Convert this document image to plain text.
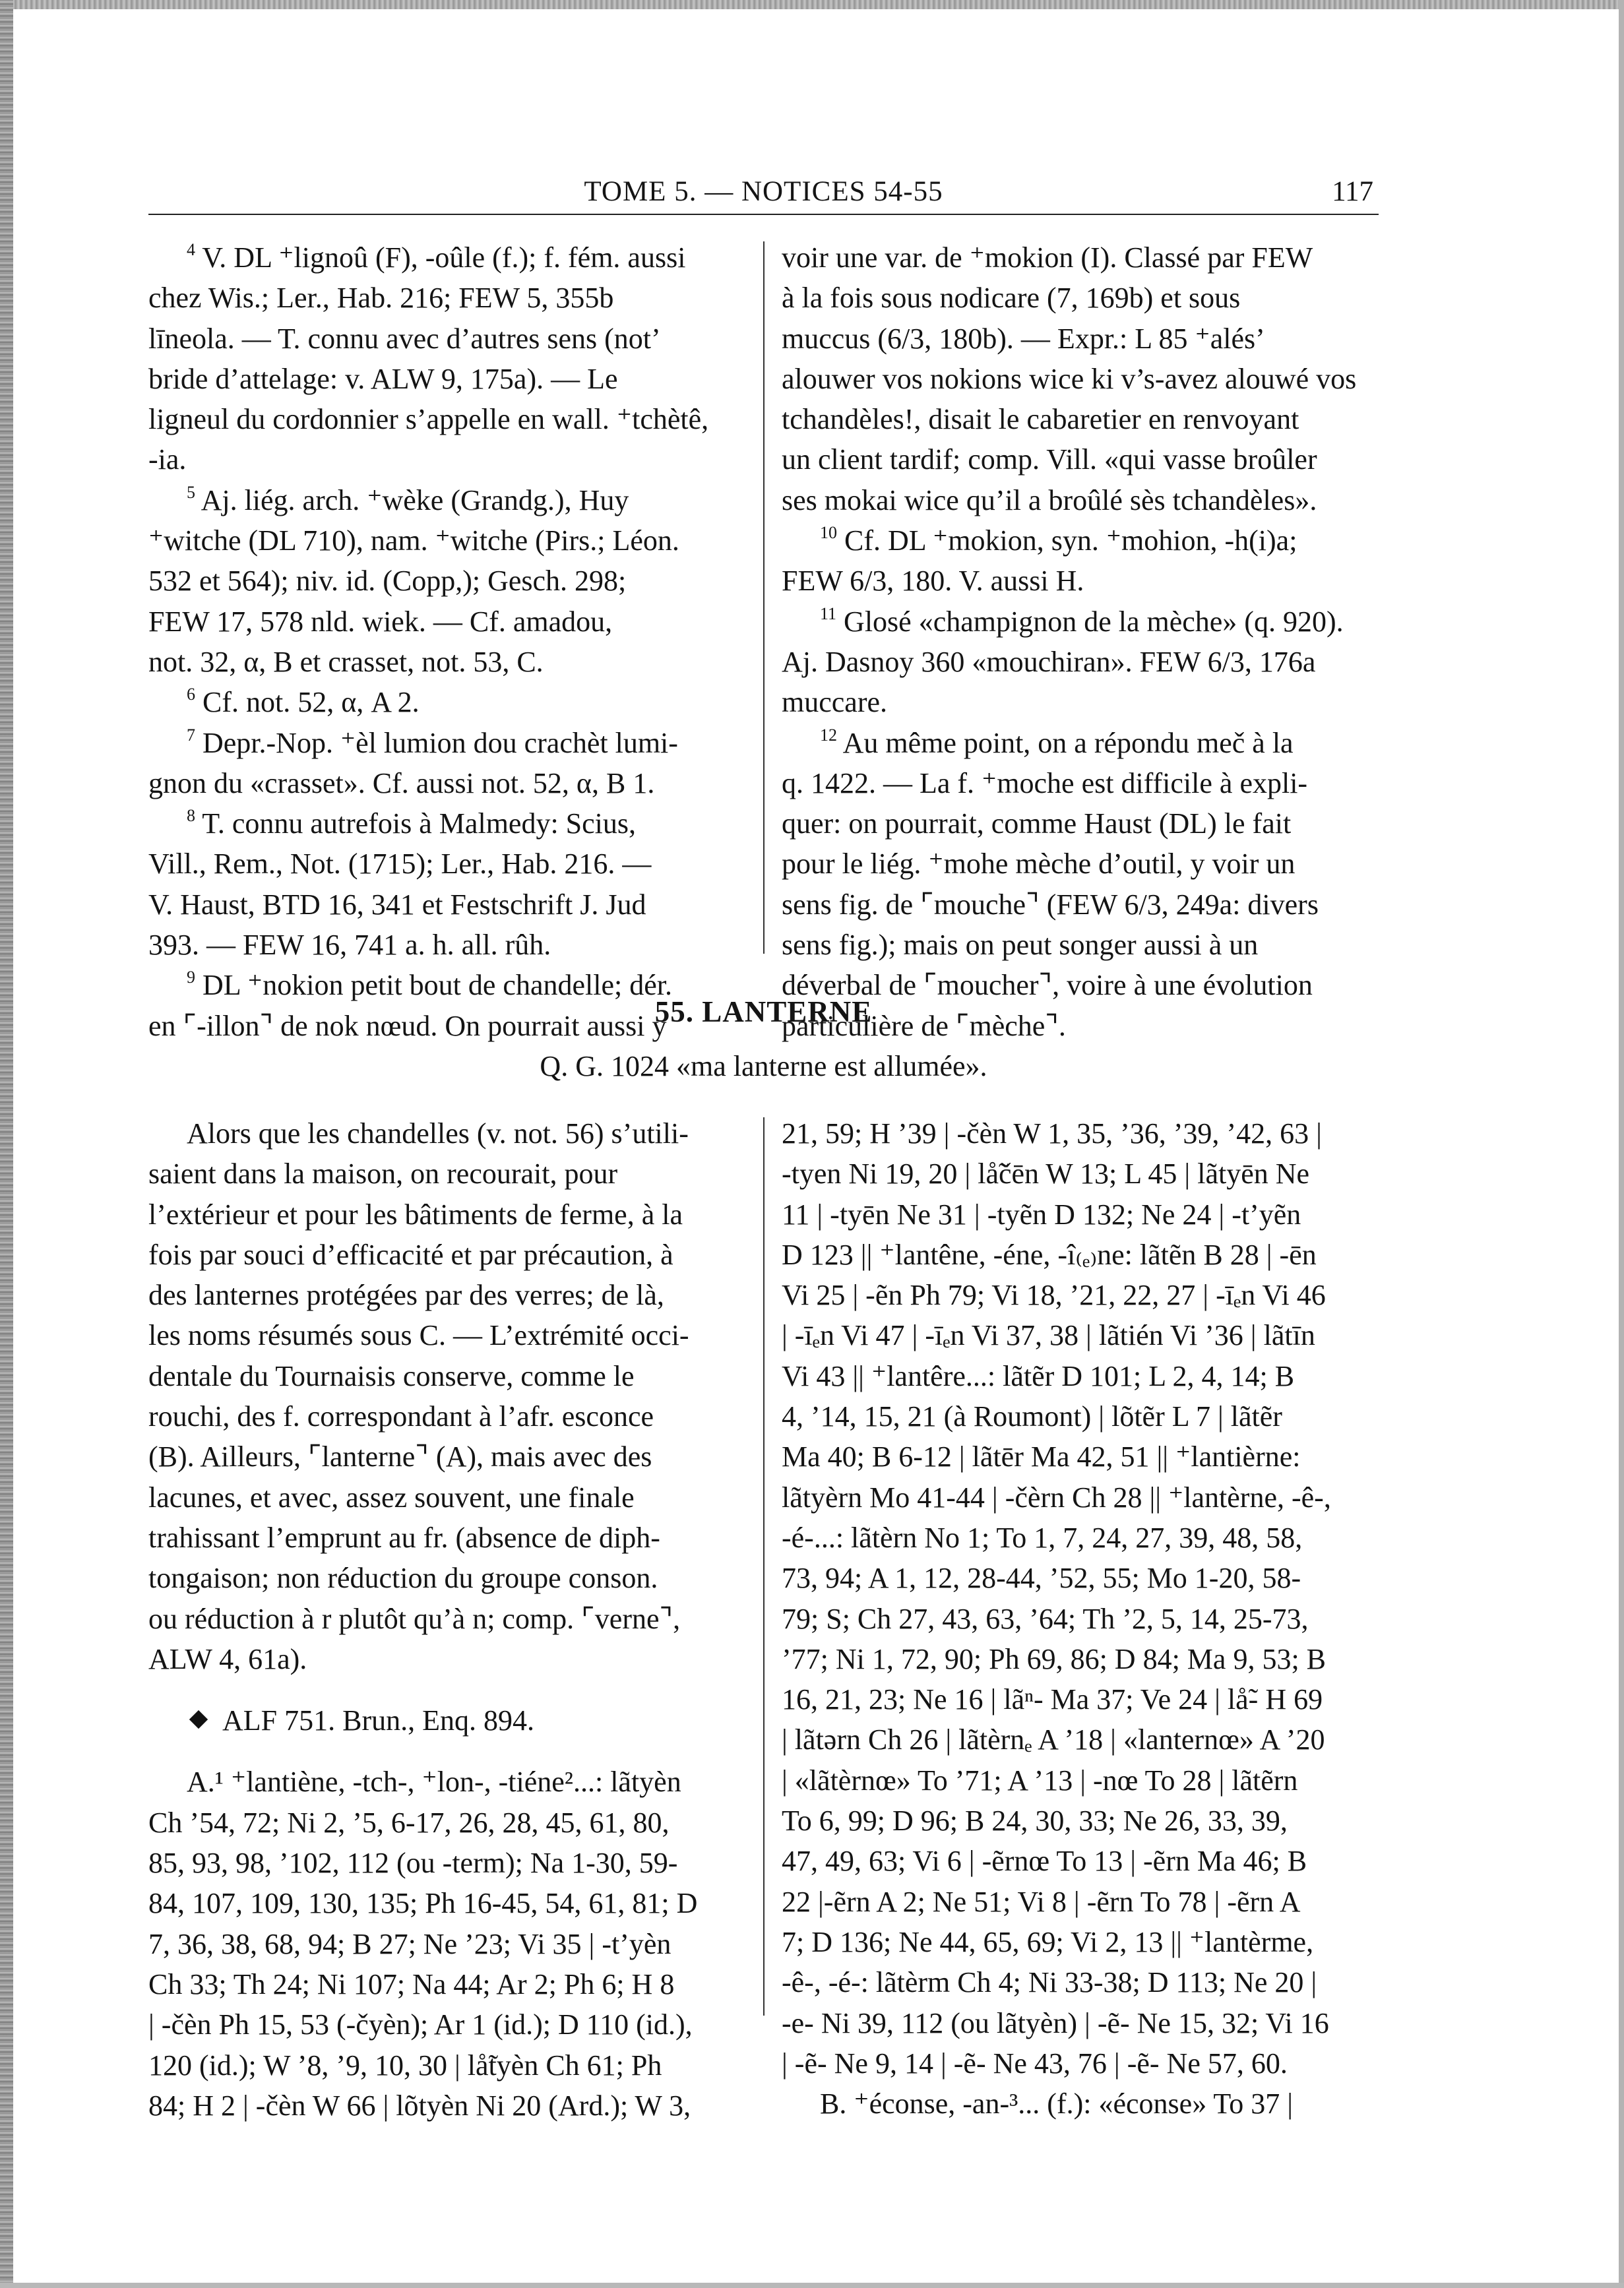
TOME 5. — NOTICES 54-55	117
$^4$ V. DL ⁺lignoû (F), -oûle (f.); f. fém. aussi
chez Wis.; Ler., Hab. 216; FEW 5, 355b
līneola. — T. connu avec d’autres sens (not’
bride d’attelage: v. ALW 9, 175a). — Le
ligneul du cordonnier s’appelle en wall. ⁺tchètê,
-ia.
$^5$ Aj. liég. arch. ⁺wèke (Grandg.), Huy
⁺witche (DL 710), nam. ⁺witche (Pirs.; Léon.
532 et 564); niv. id. (Copp,); Gesch. 298;
FEW 17, 578 nld. wiek. — Cf. amadou,
not. 32, α, B et crasset, not. 53, C.
$^6$ Cf. not. 52, α, A 2.
$^7$ Depr.-Nop. ⁺èl lumion dou crachèt lumi-
gnon du «crasset». Cf. aussi not. 52, α, B 1.
$^8$ T. connu autrefois à Malmedy: Scius,
Vill., Rem., Not. (1715); Ler., Hab. 216. —
V. Haust, BTD 16, 341 et Festschrift J. Jud
393. — FEW 16, 741 a. h. all. rûh.
$^9$ DL ⁺nokion petit bout de chandelle; dér.
en ⌜-illon⌝ de nok nœud. On pourrait aussi y
voir une var. de ⁺mokion (I). Classé par FEW
à la fois sous nodicare (7, 169b) et sous
muccus (6/3, 180b). — Expr.: L 85 ⁺alés’
alouwer vos nokions wice ki v’s-avez alouwé vos
tchandèles!, disait le cabaretier en renvoyant
un client tardif; comp. Vill. «qui vasse broûler
ses mokai wice qu’il a broûlé sès tchandèles».
$^{10}$ Cf. DL ⁺mokion, syn. ⁺mohion, -h(i)a;
FEW 6/3, 180. V. aussi H.
$^{11}$ Glosé «champignon de la mèche» (q. 920).
Aj. Dasnoy 360 «mouchiran». FEW 6/3, 176a
muccare.
$^{12}$ Au même point, on a répondu meč à la
q. 1422. — La f. ⁺moche est difficile à expli-
quer: on pourrait, comme Haust (DL) le fait
pour le liég. ⁺mohe mèche d’outil, y voir un
sens fig. de ⌜mouche⌝ (FEW 6/3, 249a: divers
sens fig.); mais on peut songer aussi à un
déverbal de ⌜moucher⌝, voire à une évolution
particulière de ⌜mèche⌝.
55. LANTERNE
Q. G. 1024 «ma lanterne est allumée».
Alors que les chandelles (v. not. 56) s’utili-
saient dans la maison, on recourait, pour
l’extérieur et pour les bâtiments de ferme, à la
fois par souci d’efficacité et par précaution, à
des lanternes protégées par des verres; de là,
les noms résumés sous C. — L’extrémité occi-
dentale du Tournaisis conserve, comme le
rouchi, des f. correspondant à l’afr. esconce
(B). Ailleurs, ⌜lanterne⌝ (A), mais avec des
lacunes, et avec, assez souvent, une finale
trahissant l’emprunt au fr. (absence de diph-
tongaison; non réduction du groupe conson.
ou réduction à r plutôt qu’à n; comp. ⌜verne⌝,
ALW 4, 61a).

ALF 751. Brun., Enq. 894.

A.¹ ⁺lantiène, -tch-, ⁺lon-, -tiéne²...: lãtyèn
Ch ’54, 72; Ni 2, ’5, 6-17, 26, 28, 45, 61, 80,
85, 93, 98, ’102, 112 (ou -term); Na 1-30, 59-
84, 107, 109, 130, 135; Ph 16-45, 54, 61, 81; D
7, 36, 38, 68, 94; B 27; Ne ’23; Vi 35 | -t’yèn
Ch 33; Th 24; Ni 107; Na 44; Ar 2; Ph 6; H 8
| -čèn Ph 15, 53 (-čyèn); Ar 1 (id.); D 110 (id.),
120 (id.); W ’8, ’9, 10, 30 | lå̃tyèn Ch 61; Ph
84; H 2 | -čèn W 66 | lõtyèn Ni 20 (Ard.); W 3,
21, 59; H ’39 | -čèn W 1, 35, ’36, ’39, ’42, 63 |
-tyen Ni 19, 20 | lå̃čēn W 13; L 45 | lãtyēn Ne
11 | -tyēn Ne 31 | -tyẽn D 132; Ne 24 | -t’yẽn
D 123 || ⁺lantêne, -éne, -î₍ₑ₎ne: lãtẽn B 28 | -ēn
Vi 25 | -ẽn Ph 79; Vi 18, ’21, 22, 27 | -īₑn Vi 46
| -īₑn Vi 47 | -īₑn Vi 37, 38 | lãtién Vi ’36 | lãtīn
Vi 43 || ⁺lantêre...: lãtẽr D 101; L 2, 4, 14; B
4, ’14, 15, 21 (à Roumont) | lõtẽr L 7 | lãtẽr
Ma 40; B 6-12 | lãtēr Ma 42, 51 || ⁺lantièrne:
lãtyèrn Mo 41-44 | -čèrn Ch 28 || ⁺lantèrne, -ê-,
-é-...: lãtèrn No 1; To 1, 7, 24, 27, 39, 48, 58,
73, 94; A 1, 12, 28-44, ’52, 55; Mo 1-20, 58-
79; S; Ch 27, 43, 63, ’64; Th ’2, 5, 14, 25-73,
’77; Ni 1, 72, 90; Ph 69, 86; D 84; Ma 9, 53; B
16, 21, 23; Ne 16 | lãⁿ- Ma 37; Ve 24 | lå̃- H 69
| lãtərn Ch 26 | lãtèrnₑ A ’18 | «lanternœ» A ’20
| «lãtèrnœ» To ’71; A ’13 | -nœ To 28 | lãtẽrn
To 6, 99; D 96; B 24, 30, 33; Ne 26, 33, 39,
47, 49, 63; Vi 6 | -ẽrnœ To 13 | -ẽrn Ma 46; B
22 |-ẽrn A 2; Ne 51; Vi 8 | -ẽrn To 78 | -ẽrn A
7; D 136; Ne 44, 65, 69; Vi 2, 13 || ⁺lantèrme,
-ê-, -é-: lãtèrm Ch 4; Ni 33-38; D 113; Ne 20 |
-e- Ni 39, 112 (ou lãtyèn) | -ẽ- Ne 15, 32; Vi 16
| -ẽ- Ne 9, 14 | -ẽ- Ne 43, 76 | -ẽ- Ne 57, 60.

B. ⁺éconse, -an-³... (f.): «éconse» To 37 |
